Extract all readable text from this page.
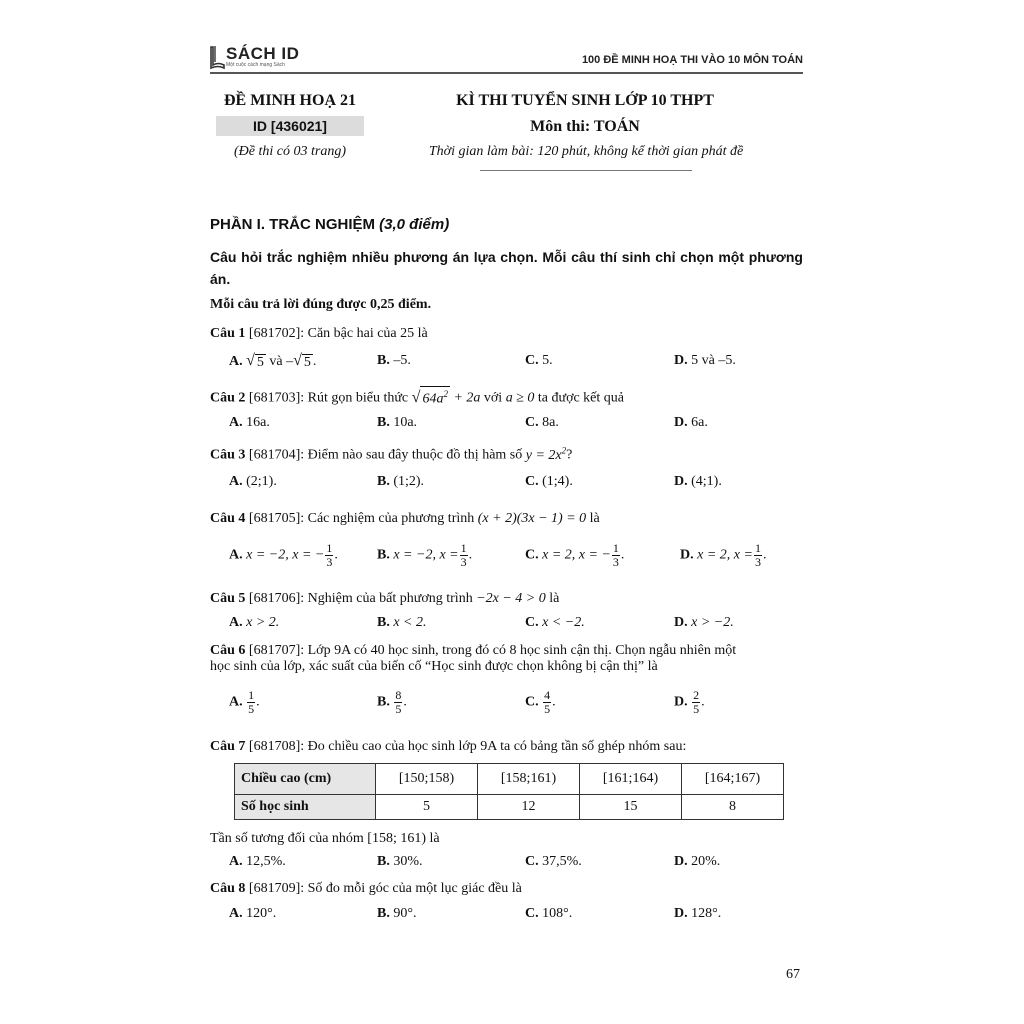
SÁCH ID
Một cuộc cách mạng Sách	100 ĐỀ MINH HOẠ THI VÀO 10 MÔN TOÁN
ĐỀ MINH HOẠ 21
ID [436021]
(Đề thi có 03 trang)
KÌ THI TUYỂN SINH LỚP 10 THPT
Môn thi: TOÁN
Thời gian làm bài: 120 phút, không kể thời gian phát đề
PHẦN I. TRẮC NGHIỆM (3,0 điểm)
Câu hỏi trắc nghiệm nhiều phương án lựa chọn. Mỗi câu thí sinh chỉ chọn một phương án.
Mỗi câu trả lời đúng được 0,25 điểm.
Câu 1 [681702]: Căn bậc hai của 25 là
A. √ 5 và – √ 5 .	B. –5.	C. 5.	D. 5 và –5.
Câu 2 [681703]: Rút gọn biểu thức √ $64a^2 + 2a$ với a ≥ 0 ta được kết quả
A. 16a.	B. 10a.	C. 8a.	D. 6a.
Câu 3 [681704]: Điểm nào sau đây thuộc đồ thị hàm số $y = 2x^2$?
A. (2;1).	B. (1;2).	C. (1;4).	D. (4;1).
Câu 4 [681705]: Các nghiệm của phương trình (x + 2)(3x − 1) = 0 là
A. x = −2, x = − $\frac{1}{3}$ .	B. x = −2, $x = \frac{1}{3}$ .	C. x = 2, x = − $\frac{1}{3}$ .	D. x = 2, $x = \frac{1}{3}$ .
Câu 5 [681706]: Nghiệm của bất phương trình −2x − 4 > 0 là
A. x > 2.	B. x < 2.	C. x < −2.	D. x > −2.
Câu 6 [681707]: Lớp 9A có 40 học sinh, trong đó có 8 học sinh cận thị. Chọn ngẫu nhiên một
học sinh của lớp, xác suất của biến cố “Học sinh được chọn không bị cận thị” là
A. $\frac{1}{5}$ .	B. $\frac{8}{5}$ .	C. $\frac{4}{5}$ .	D. $\frac{2}{5}$ .
Câu 7 [681708]: Đo chiều cao của học sinh lớp 9A ta có bảng tần số ghép nhóm sau:
Chiều cao (cm)	[150;158)	[158;161)	[161;164)	[164;167)
Số học sinh	5	12	15	8
Tần số tương đối của nhóm [158; 161) là
A. 12,5%.	B. 30%.	C. 37,5%.	D. 20%.
Câu 8 [681709]: Số đo mỗi góc của một lục giác đều là
A. 120°.	B. 90°.	C. 108°.	D. 128°.
67
